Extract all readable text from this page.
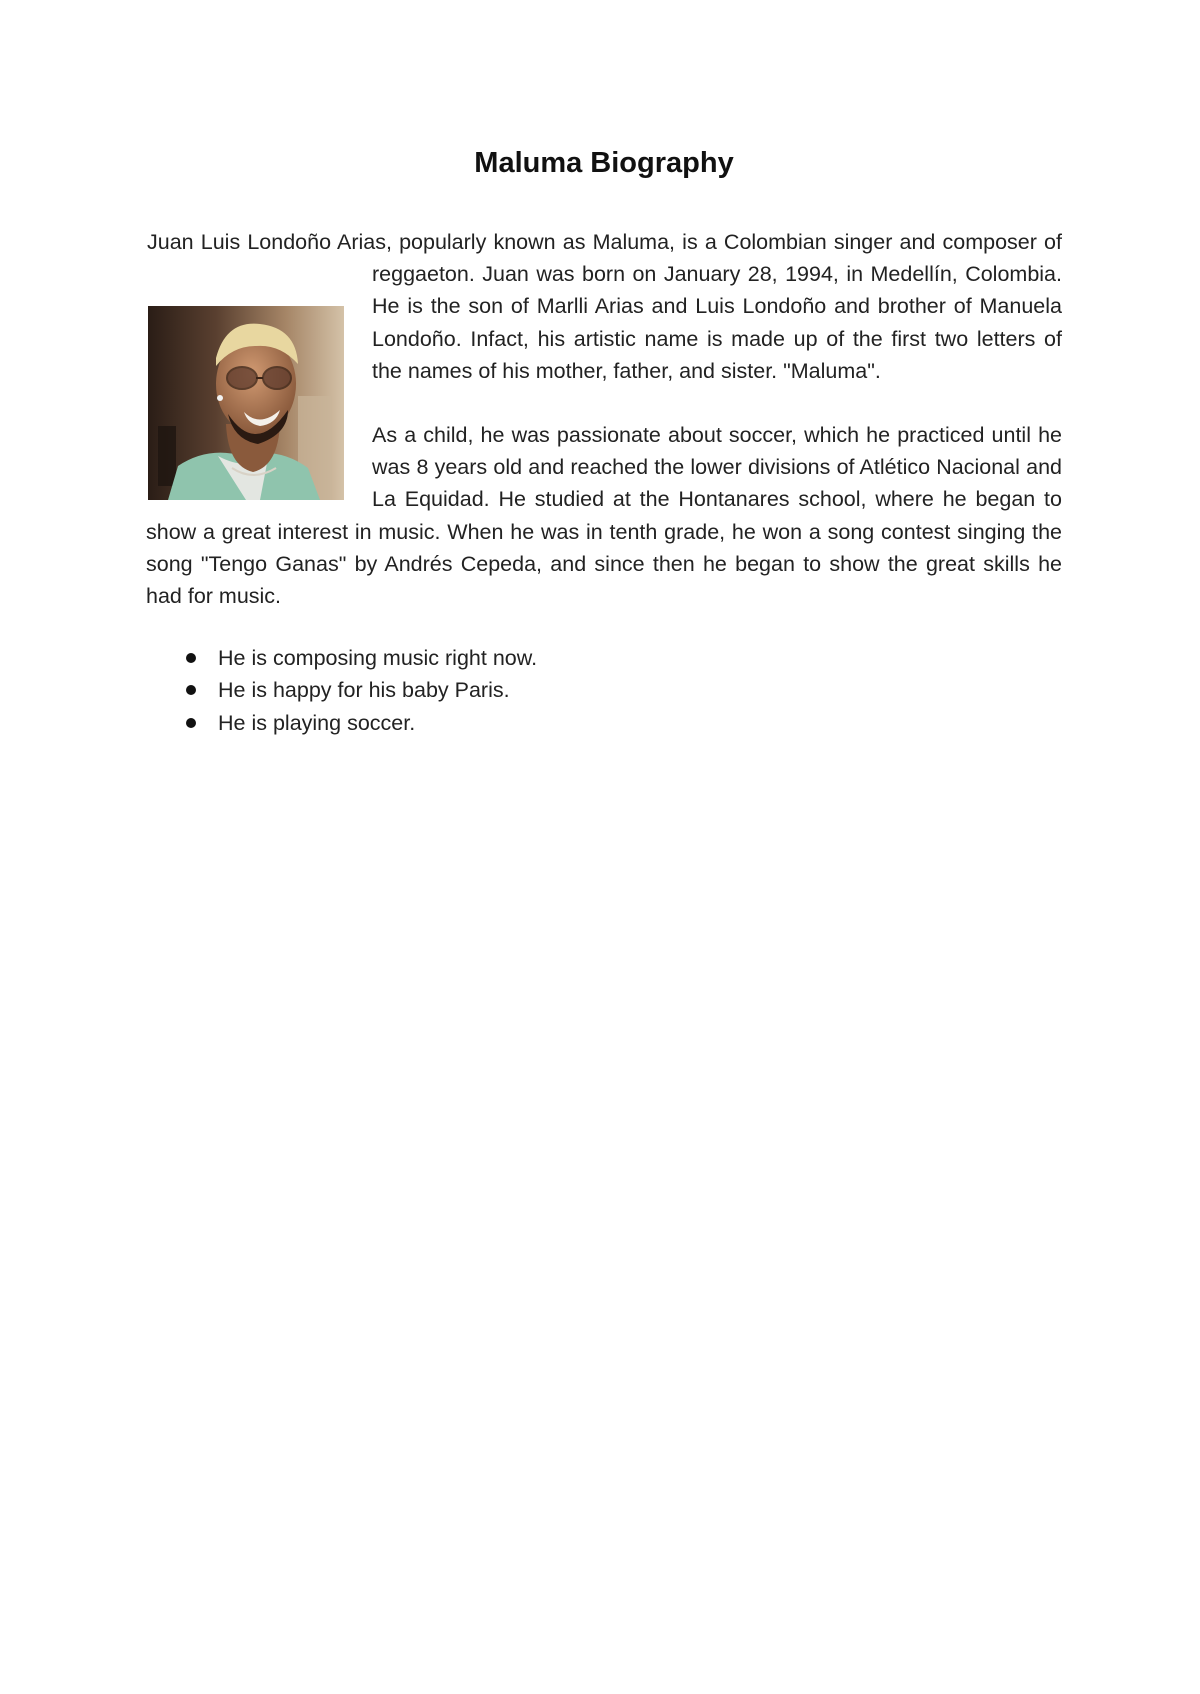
Maluma Biography

Juan Luis Londoño Arias, popularly known as Maluma, is a Colombian singer and composer of reggaeton. Juan was born on January 28, 1994, in Medellín, Colombia. He is the son of Marlli Arias and Luis Londoño and brother of Manuela Londoño. Infact, his artistic name is made up of the first two letters of the names of his mother, father, and sister. "Maluma".

As a child, he was passionate about soccer, which he practiced until he was 8 years old and reached the lower divisions of Atlético Nacional and La Equidad. He studied at the Hontanares school, where he began to show a great interest in music. When he was in tenth grade, he won a song contest singing the song "Tengo Ganas" by Andrés Cepeda, and since then he began to show the great skills he had for music.

He is composing music right now.
He is happy for his baby Paris.
He is playing soccer.
